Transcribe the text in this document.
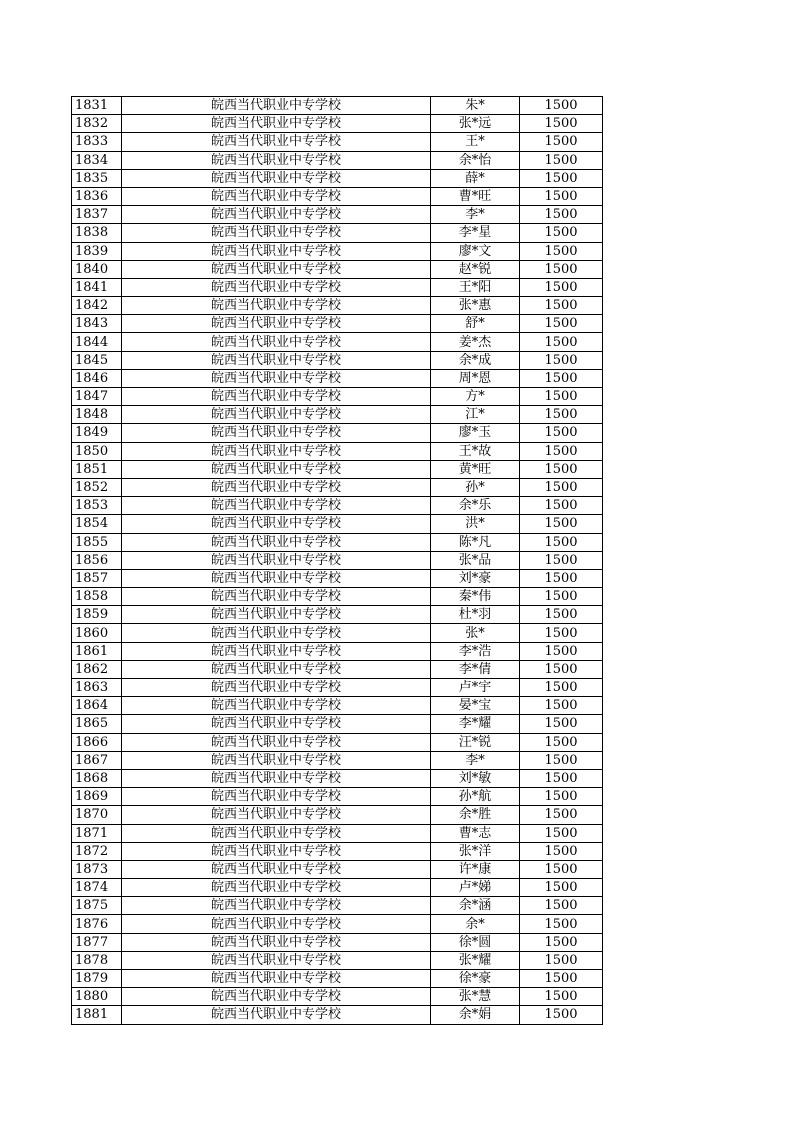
1831	皖西当代职业中专学校	朱*	1500
1832	皖西当代职业中专学校	张*远	1500
1833	皖西当代职业中专学校	王*	1500
1834	皖西当代职业中专学校	余*怡	1500
1835	皖西当代职业中专学校	薛*	1500
1836	皖西当代职业中专学校	曹*旺	1500
1837	皖西当代职业中专学校	李*	1500
1838	皖西当代职业中专学校	李*星	1500
1839	皖西当代职业中专学校	廖*文	1500
1840	皖西当代职业中专学校	赵*锐	1500
1841	皖西当代职业中专学校	王*阳	1500
1842	皖西当代职业中专学校	张*惠	1500
1843	皖西当代职业中专学校	舒*	1500
1844	皖西当代职业中专学校	姜*杰	1500
1845	皖西当代职业中专学校	余*成	1500
1846	皖西当代职业中专学校	周*恩	1500
1847	皖西当代职业中专学校	方*	1500
1848	皖西当代职业中专学校	江*	1500
1849	皖西当代职业中专学校	廖*玉	1500
1850	皖西当代职业中专学校	王*故	1500
1851	皖西当代职业中专学校	黄*旺	1500
1852	皖西当代职业中专学校	孙*	1500
1853	皖西当代职业中专学校	余*乐	1500
1854	皖西当代职业中专学校	洪*	1500
1855	皖西当代职业中专学校	陈*凡	1500
1856	皖西当代职业中专学校	张*品	1500
1857	皖西当代职业中专学校	刘*豪	1500
1858	皖西当代职业中专学校	秦*伟	1500
1859	皖西当代职业中专学校	杜*羽	1500
1860	皖西当代职业中专学校	张*	1500
1861	皖西当代职业中专学校	李*浩	1500
1862	皖西当代职业中专学校	李*倩	1500
1863	皖西当代职业中专学校	卢*宇	1500
1864	皖西当代职业中专学校	晏*宝	1500
1865	皖西当代职业中专学校	李*耀	1500
1866	皖西当代职业中专学校	汪*锐	1500
1867	皖西当代职业中专学校	李*	1500
1868	皖西当代职业中专学校	刘*敏	1500
1869	皖西当代职业中专学校	孙*航	1500
1870	皖西当代职业中专学校	余*胜	1500
1871	皖西当代职业中专学校	曹*志	1500
1872	皖西当代职业中专学校	张*洋	1500
1873	皖西当代职业中专学校	许*康	1500
1874	皖西当代职业中专学校	卢*娣	1500
1875	皖西当代职业中专学校	余*涵	1500
1876	皖西当代职业中专学校	余*	1500
1877	皖西当代职业中专学校	徐*圆	1500
1878	皖西当代职业中专学校	张*耀	1500
1879	皖西当代职业中专学校	徐*豪	1500
1880	皖西当代职业中专学校	张*慧	1500
1881	皖西当代职业中专学校	余*娟	1500
